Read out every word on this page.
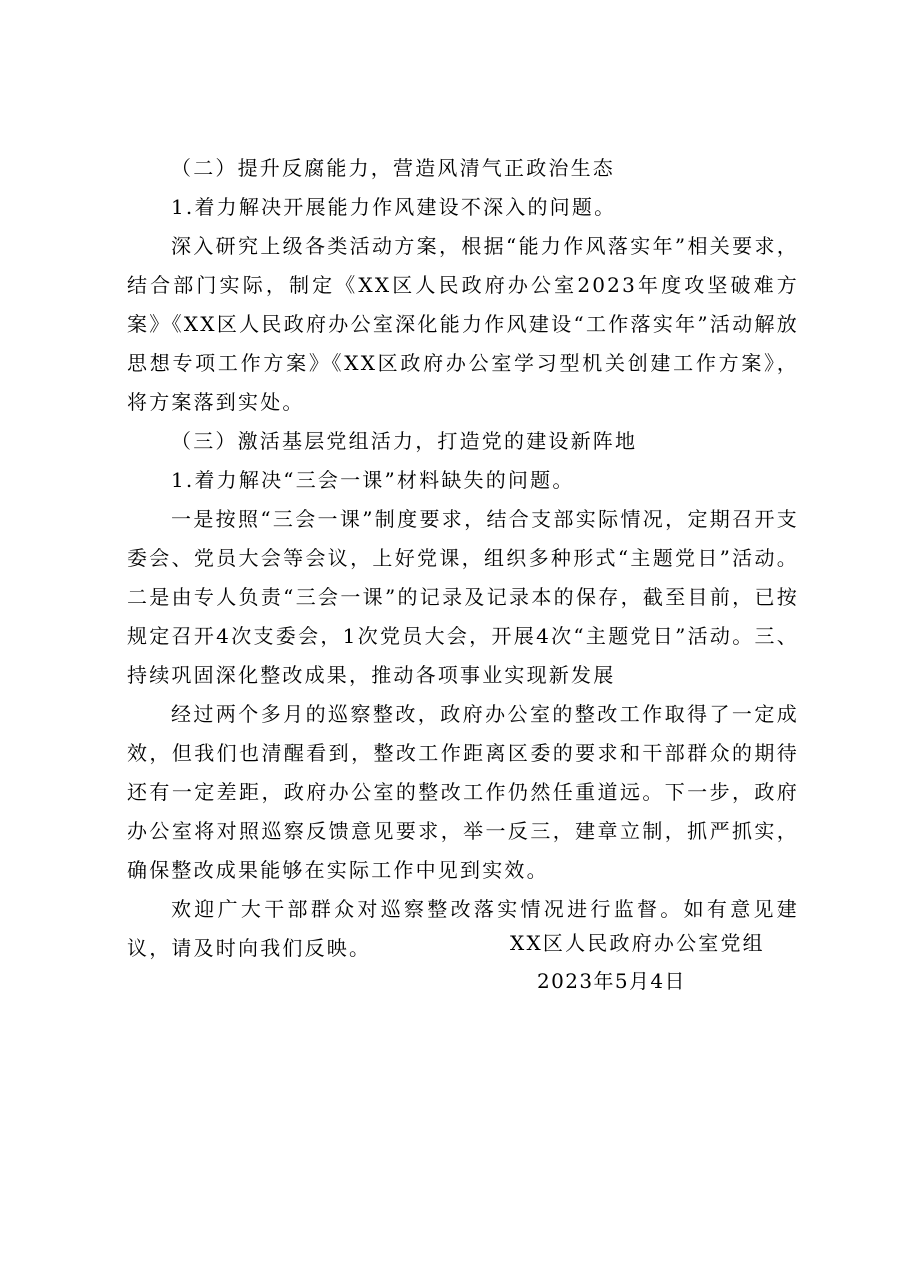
（二）提升反腐能力，营造风清气正政治生态

1.着力解决开展能力作风建设不深入的问题。

深入研究上级各类活动方案，根据“能力作风落实年”相关要求，结合部门实际，制定《XX区人民政府办公室2023年度攻坚破难方案》《XX区人民政府办公室深化能力作风建设“工作落实年”活动解放思想专项工作方案》《XX区政府办公室学习型机关创建工作方案》，将方案落到实处。

（三）激活基层党组活力，打造党的建设新阵地

1.着力解决“三会一课”材料缺失的问题。

一是按照“三会一课”制度要求，结合支部实际情况，定期召开支委会、党员大会等会议，上好党课，组织多种形式“主题党日”活动。二是由专人负责“三会一课”的记录及记录本的保存，截至目前，已按规定召开4次支委会，1次党员大会，开展4次“主题党日”活动。三、持续巩固深化整改成果，推动各项事业实现新发展

经过两个多月的巡察整改，政府办公室的整改工作取得了一定成效，但我们也清醒看到，整改工作距离区委的要求和干部群众的期待还有一定差距，政府办公室的整改工作仍然任重道远。下一步，政府办公室将对照巡察反馈意见要求，举一反三，建章立制，抓严抓实，确保整改成果能够在实际工作中见到实效。

欢迎广大干部群众对巡察整改落实情况进行监督。如有意见建议，请及时向我们反映。	XX区人民政府办公室党组
2023年5月4日
